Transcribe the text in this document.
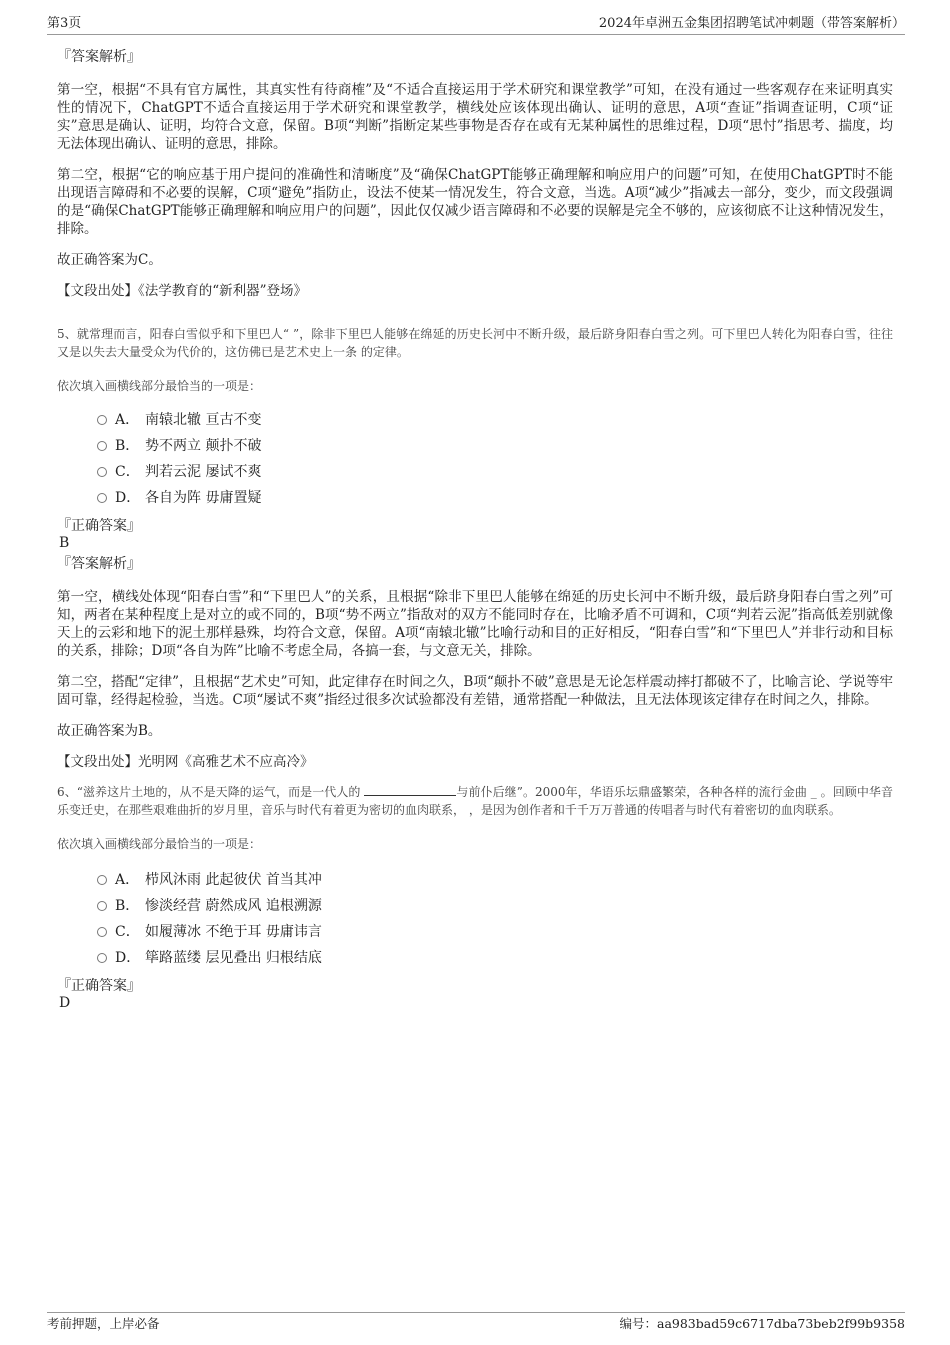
第3页	2024年卓洲五金集团招聘笔试冲刺题（带答案解析）
『答案解析』

第一空，根据“不具有官方属性，其真实性有待商榷”及“不适合直接运用于学术研究和课堂教学”可知，在没有通过一些客观存在来证明真实性的情况下，ChatGPT不适合直接运用于学术研究和课堂教学，横线处应该体现出确认、证明的意思，A项“查证”指调查证明，C项“证实”意思是确认、证明，均符合文意，保留。B项“判断”指断定某些事物是否存在或有无某种属性的思维过程，D项“思忖”指思考、揣度，均无法体现出确认、证明的意思，排除。

第二空，根据“它的响应基于用户提问的准确性和清晰度”及“确保ChatGPT能够正确理解和响应用户的问题”可知，在使用ChatGPT时不能出现语言障碍和不必要的误解，C项“避免”指防止，设法不使某一情况发生，符合文意，当选。A项“减少”指减去一部分，变少，而文段强调的是“确保ChatGPT能够正确理解和响应用户的问题”，因此仅仅减少语言障碍和不必要的误解是完全不够的，应该彻底不让这种情况发生，排除。

故正确答案为C。

【文段出处】《法学教育的“新利器”登场》

5、就常理而言，阳春白雪似乎和下里巴人“ ”，除非下里巴人能够在绵延的历史长河中不断升级，最后跻身阳春白雪之列。可下里巴人转化为阳春白雪，往往又是以失去大量受众为代价的，这仿佛已是艺术史上一条 的定律。

依次填入画横线部分最恰当的一项是：

A． 南辕北辙 亘古不变
B． 势不两立 颠扑不破
C． 判若云泥 屡试不爽
D． 各自为阵 毋庸置疑
『正确答案』
B
『答案解析』

第一空，横线处体现“阳春白雪”和“下里巴人”的关系，且根据“除非下里巴人能够在绵延的历史长河中不断升级，最后跻身阳春白雪之列”可知，两者在某种程度上是对立的或不同的，B项“势不两立”指敌对的双方不能同时存在，比喻矛盾不可调和，C项“判若云泥”指高低差别就像天上的云彩和地下的泥土那样悬殊，均符合文意，保留。A项“南辕北辙”比喻行动和目的正好相反，“阳春白雪”和“下里巴人”并非行动和目标的关系，排除；D项“各自为阵”比喻不考虑全局，各搞一套，与文意无关，排除。

第二空，搭配“定律”，且根据“艺术史”可知，此定律存在时间之久，B项“颠扑不破”意思是无论怎样震动摔打都破不了，比喻言论、学说等牢固可靠，经得起检验，当选。C项“屡试不爽”指经过很多次试验都没有差错，通常搭配一种做法，且无法体现该定律存在时间之久，排除。

故正确答案为B。

【文段出处】光明网《高雅艺术不应高冷》

6、“滋养这片土地的，从不是天降的运气，而是一代人的	与前仆后继”。2000年，华语乐坛鼎盛繁荣，各种各样的流行金曲 _ 。回顾中华音乐变迁史，在那些艰难曲折的岁月里，音乐与时代有着更为密切的血肉联系， ，是因为创作者和千千万万普通的传唱者与时代有着密切的血肉联系。

依次填入画横线部分最恰当的一项是：

A． 栉风沐雨 此起彼伏 首当其冲
B． 惨淡经营 蔚然成风 追根溯源
C． 如履薄冰 不绝于耳 毋庸讳言
D． 筚路蓝缕 层见叠出 归根结底
『正确答案』
D
考前押题，上岸必备	编号：aa983bad59c6717dba73beb2f99b9358
